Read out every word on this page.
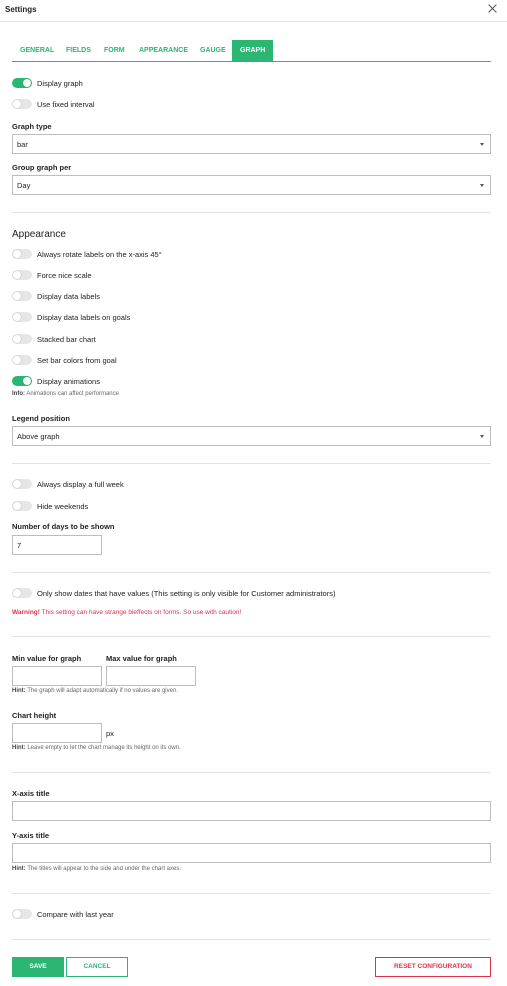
Settings
GENERAL	FIELDS	FORM	APPEARANCE	GAUGE	GRAPH
Display graph
Use fixed interval
Graph type
bar
Group graph per
Day
Appearance
Always rotate labels on the x-axis 45°
Force nice scale
Display data labels
Display data labels on goals
Stacked bar chart
Set bar colors from goal
Display animations
Info: Animations can affect performance
Legend position
Above graph
Always display a full week
Hide weekends
Number of days to be shown
7
Only show dates that have values (This setting is only visible for Customer administrators)
Warning! This setting can have strange bieffects on forms. So use with caution!
Min value for graph	Max value for graph
Hint: The graph will adapt automatically if no values are given.
Chart height
px
Hint: Leave empty to let the chart manage its height on its own.
X-axis title
Y-axis title
Hint: The titles will appear to the side and under the chart axes.
Compare with last year
SAVE	CANCEL	RESET CONFIGURATION
